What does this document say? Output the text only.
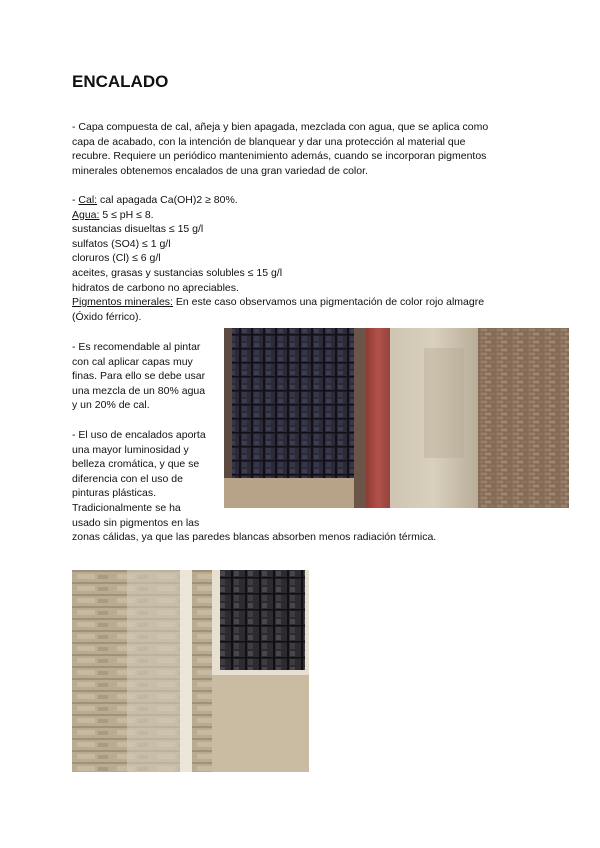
ENCALADO

- Capa compuesta de cal, añeja y bien apagada, mezclada con agua, que se aplica como
capa de acabado, con la intención de blanquear y dar una protección al material que
recubre. Requiere un periódico mantenimiento además, cuando se incorporan pigmentos
minerales obtenemos encalados de una gran variedad de color.

- Cal: cal apagada Ca(OH)2 ≥ 80%.
Agua: 5 ≤ pH ≤ 8.
sustancias disueltas ≤ 15 g/l
sulfatos (SO4) ≤ 1 g/l
cloruros (Cl) ≤ 6 g/l
aceites, grasas y sustancias solubles ≤ 15 g/l
hidratos de carbono no apreciables.
Pigmentos minerales: En este caso observamos una pigmentación de color rojo almagre
(Óxido férrico).

- Es recomendable al pintar
con cal aplicar capas muy
finas. Para ello se debe usar
una mezcla de un 80% agua
y un 20% de cal.

- El uso de encalados aporta
una mayor luminosidad y
belleza cromática, y que se
diferencia con el uso de
pinturas plásticas.
Tradicionalmente se ha
usado sin pigmentos en las
zonas cálidas, ya que las paredes blancas absorben menos radiación térmica.
